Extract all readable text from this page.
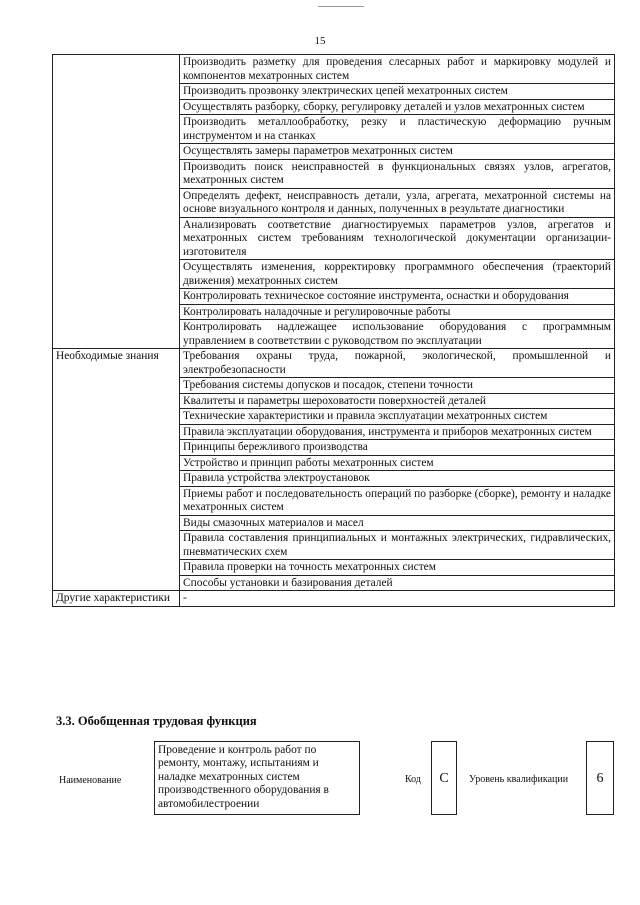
15
	Производить разметку для проведения слесарных работ и маркировку модулей и компонентов мехатронных систем
	Производить прозвонку электрических цепей мехатронных систем
	Осуществлять разборку, сборку, регулировку деталей и узлов мехатронных систем
	Производить металлообработку, резку и пластическую деформацию ручным инструментом и на станках
	Осуществлять замеры параметров мехатронных систем
	Производить поиск неисправностей в функциональных связях узлов, агрегатов, мехатронных систем
	Определять дефект, неисправность детали, узла, агрегата, мехатронной системы на основе визуального контроля и данных, полученных в результате диагностики
	Анализировать соответствие диагностируемых параметров узлов, агрегатов и мехатронных систем требованиям технологической документации организации-изготовителя
	Осуществлять изменения, корректировку программного обеспечения (траекторий движения) мехатронных систем
	Контролировать техническое состояние инструмента, оснастки и оборудования
	Контролировать наладочные и регулировочные работы
	Контролировать надлежащее использование оборудования с программным управлением в соответствии с руководством по эксплуатации
Необходимые знания	Требования охраны труда, пожарной, экологической, промышленной и электробезопасности
	Требования системы допусков и посадок, степени точности
	Квалитеты и параметры шероховатости поверхностей деталей
	Технические характеристики и правила эксплуатации мехатронных систем
	Правила эксплуатации оборудования, инструмента и приборов мехатронных систем
	Принципы бережливого производства
	Устройство и принцип работы мехатронных систем
	Правила устройства электроустановок
	Приемы работ и последовательность операций по разборке (сборке), ремонту и наладке мехатронных систем
	Виды смазочных материалов и масел
	Правила составления принципиальных и монтажных электрических, гидравлических, пневматических схем
	Правила проверки на точность мехатронных систем
	Способы установки и базирования деталей
Другие характеристики	-
3.3. Обобщенная трудовая функция
Наименование
Проведение и контроль работ по ремонту, монтажу, испытаниям и наладке мехатронных систем производственного оборудования в автомобилестроении
Код	C	Уровень квалификации	6
